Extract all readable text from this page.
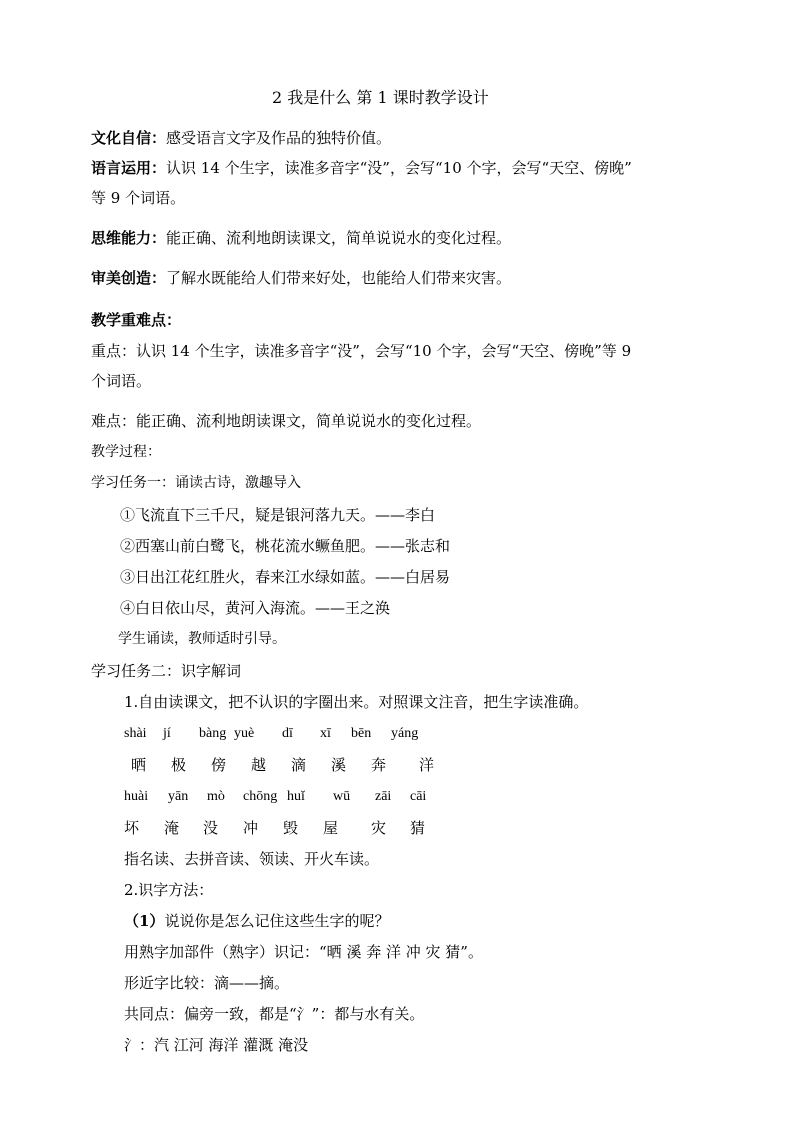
2 我是什么 第 1 课时教学设计
文化自信：感受语言文字及作品的独特价值。
语言运用：认识 14 个生字，读准多音字“没”，会写“10 个字，会写“天空、傍晚”
等 9 个词语。
思维能力：能正确、流利地朗读课文，简单说说水的变化过程。
审美创造：了解水既能给人们带来好处，也能给人们带来灾害。
教学重难点：
重点：认识 14 个生字，读准多音字“没”，会写“10 个字，会写“天空、傍晚”等 9
个词语。
难点：能正确、流利地朗读课文，简单说说水的变化过程。
教学过程：
学习任务一：诵读古诗，激趣导入
①飞流直下三千尺，疑是银河落九天。——李白
②西塞山前白鹭飞，桃花流水鳜鱼肥。——张志和
③日出江花红胜火，春来江水绿如蓝。——白居易
④白日依山尽，黄河入海流。——王之涣
学生诵读，教师适时引导。
学习任务二：识字解词
1.自由读课文，把不认识的字圈出来。对照课文注音，把生字读准确。
shài jí bàng yuè dī xī bēn yáng
晒 极 傍 越 滴 溪 奔 洋
huài yān mò chōng huǐ wū zāi cāi
坏 淹 没 冲 毁 屋 灾 猜
指名读、去拼音读、领读、开火车读。
2.识字方法：
（1）说说你是怎么记住这些生字的呢？
用熟字加部件（熟字）识记：“晒 溪 奔 洋 冲 灾 猜”。
形近字比较：滴——摘。
共同点：偏旁一致，都是“氵”：都与水有关。
氵：汽 江河 海洋 灌溉 淹没
